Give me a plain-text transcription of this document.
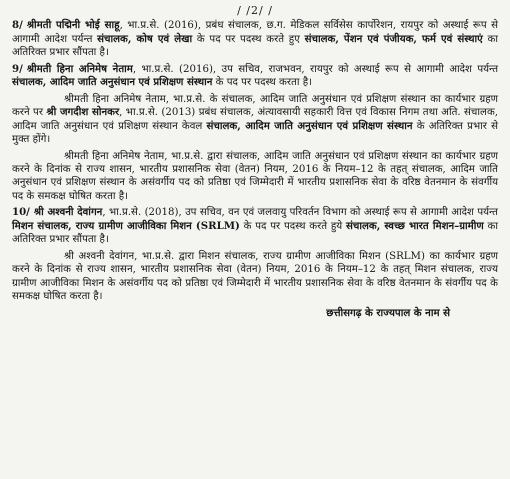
/ /2/ /

8/ श्रीमती पद्मिनी भोई साहू, भा.प्र.से. (2016), प्रबंध संचालक, छ.ग. मेडिकल सर्विसेस कार्पोरेशन, रायपुर को अस्थाई रूप से आगामी आदेश पर्यन्त संचालक, कोष एवं लेखा के पद पर पदस्थ करते हुए संचालक, पेंशन एवं पंजीयक, फर्म एवं संस्थाएं का अतिरिक्त प्रभार सौंपता है।

9/ श्रीमती हिना अनिमेष नेताम, भा.प्र.से. (2016), उप सचिव, राजभवन, रायपुर को अस्थाई रूप से आगामी आदेश पर्यन्त संचालक, आदिम जाति अनुसंधान एवं प्रशिक्षण संस्थान के पद पर पदस्थ करता है।

श्रीमती हिना अनिमेष नेताम, भा.प्र.से. के संचालक, आदिम जाति अनुसंधान एवं प्रशिक्षण संस्थान का कार्यभार ग्रहण करने पर श्री जगदीश सोनकर, भा.प्र.से. (2013) प्रबंध संचालक, अंत्यावसायी सहकारी वित्त एवं विकास निगम तथा अति. संचालक, आदिम जाति अनुसंधान एवं प्रशिक्षण संस्थान केवल संचालक, आदिम जाति अनुसंधान एवं प्रशिक्षण संस्थान के अतिरिक्त प्रभार से मुक्त होंगे।

श्रीमती हिना अनिमेष नेताम, भा.प्र.से. द्वारा संचालक, आदिम जाति अनुसंधान एवं प्रशिक्षण संस्थान का कार्यभार ग्रहण करने के दिनांक से राज्य शासन, भारतीय प्रशासनिक सेवा (वेतन) नियम, 2016 के नियम–12 के तहत् संचालक, आदिम जाति अनुसंधान एवं प्रशिक्षण संस्थान के असंवर्गीय पद को प्रतिष्ठा एवं जिम्मेदारी में भारतीय प्रशासनिक सेवा के वरिष्ठ वेतनमान के संवर्गीय पद के समकक्ष घोषित करता है।

10/ श्री अश्वनी देवांगन, भा.प्र.से. (2018), उप सचिव, वन एवं जलवायु परिवर्तन विभाग को अस्थाई रूप से आगामी आदेश पर्यन्त मिशन संचालक, राज्य ग्रामीण आजीविका मिशन (SRLM) के पद पर पदस्थ करते हुये संचालक, स्वच्छ भारत मिशन–ग्रामीण का अतिरिक्त प्रभार सौंपता है।

श्री अश्वनी देवांगन, भा.प्र.से. द्वारा मिशन संचालक, राज्य ग्रामीण आजीविका मिशन (SRLM) का कार्यभार ग्रहण करने के दिनांक से राज्य शासन, भारतीय प्रशासनिक सेवा (वेतन) नियम, 2016 के नियम–12 के तहत् मिशन संचालक, राज्य ग्रामीण आजीविका मिशन के असंवर्गीय पद को प्रतिष्ठा एवं जिम्मेदारी में भारतीय प्रशासनिक सेवा के वरिष्ठ वेतनमान के संवर्गीय पद के समकक्ष घोषित करता है।

छत्तीसगढ़ के राज्यपाल के नाम से
